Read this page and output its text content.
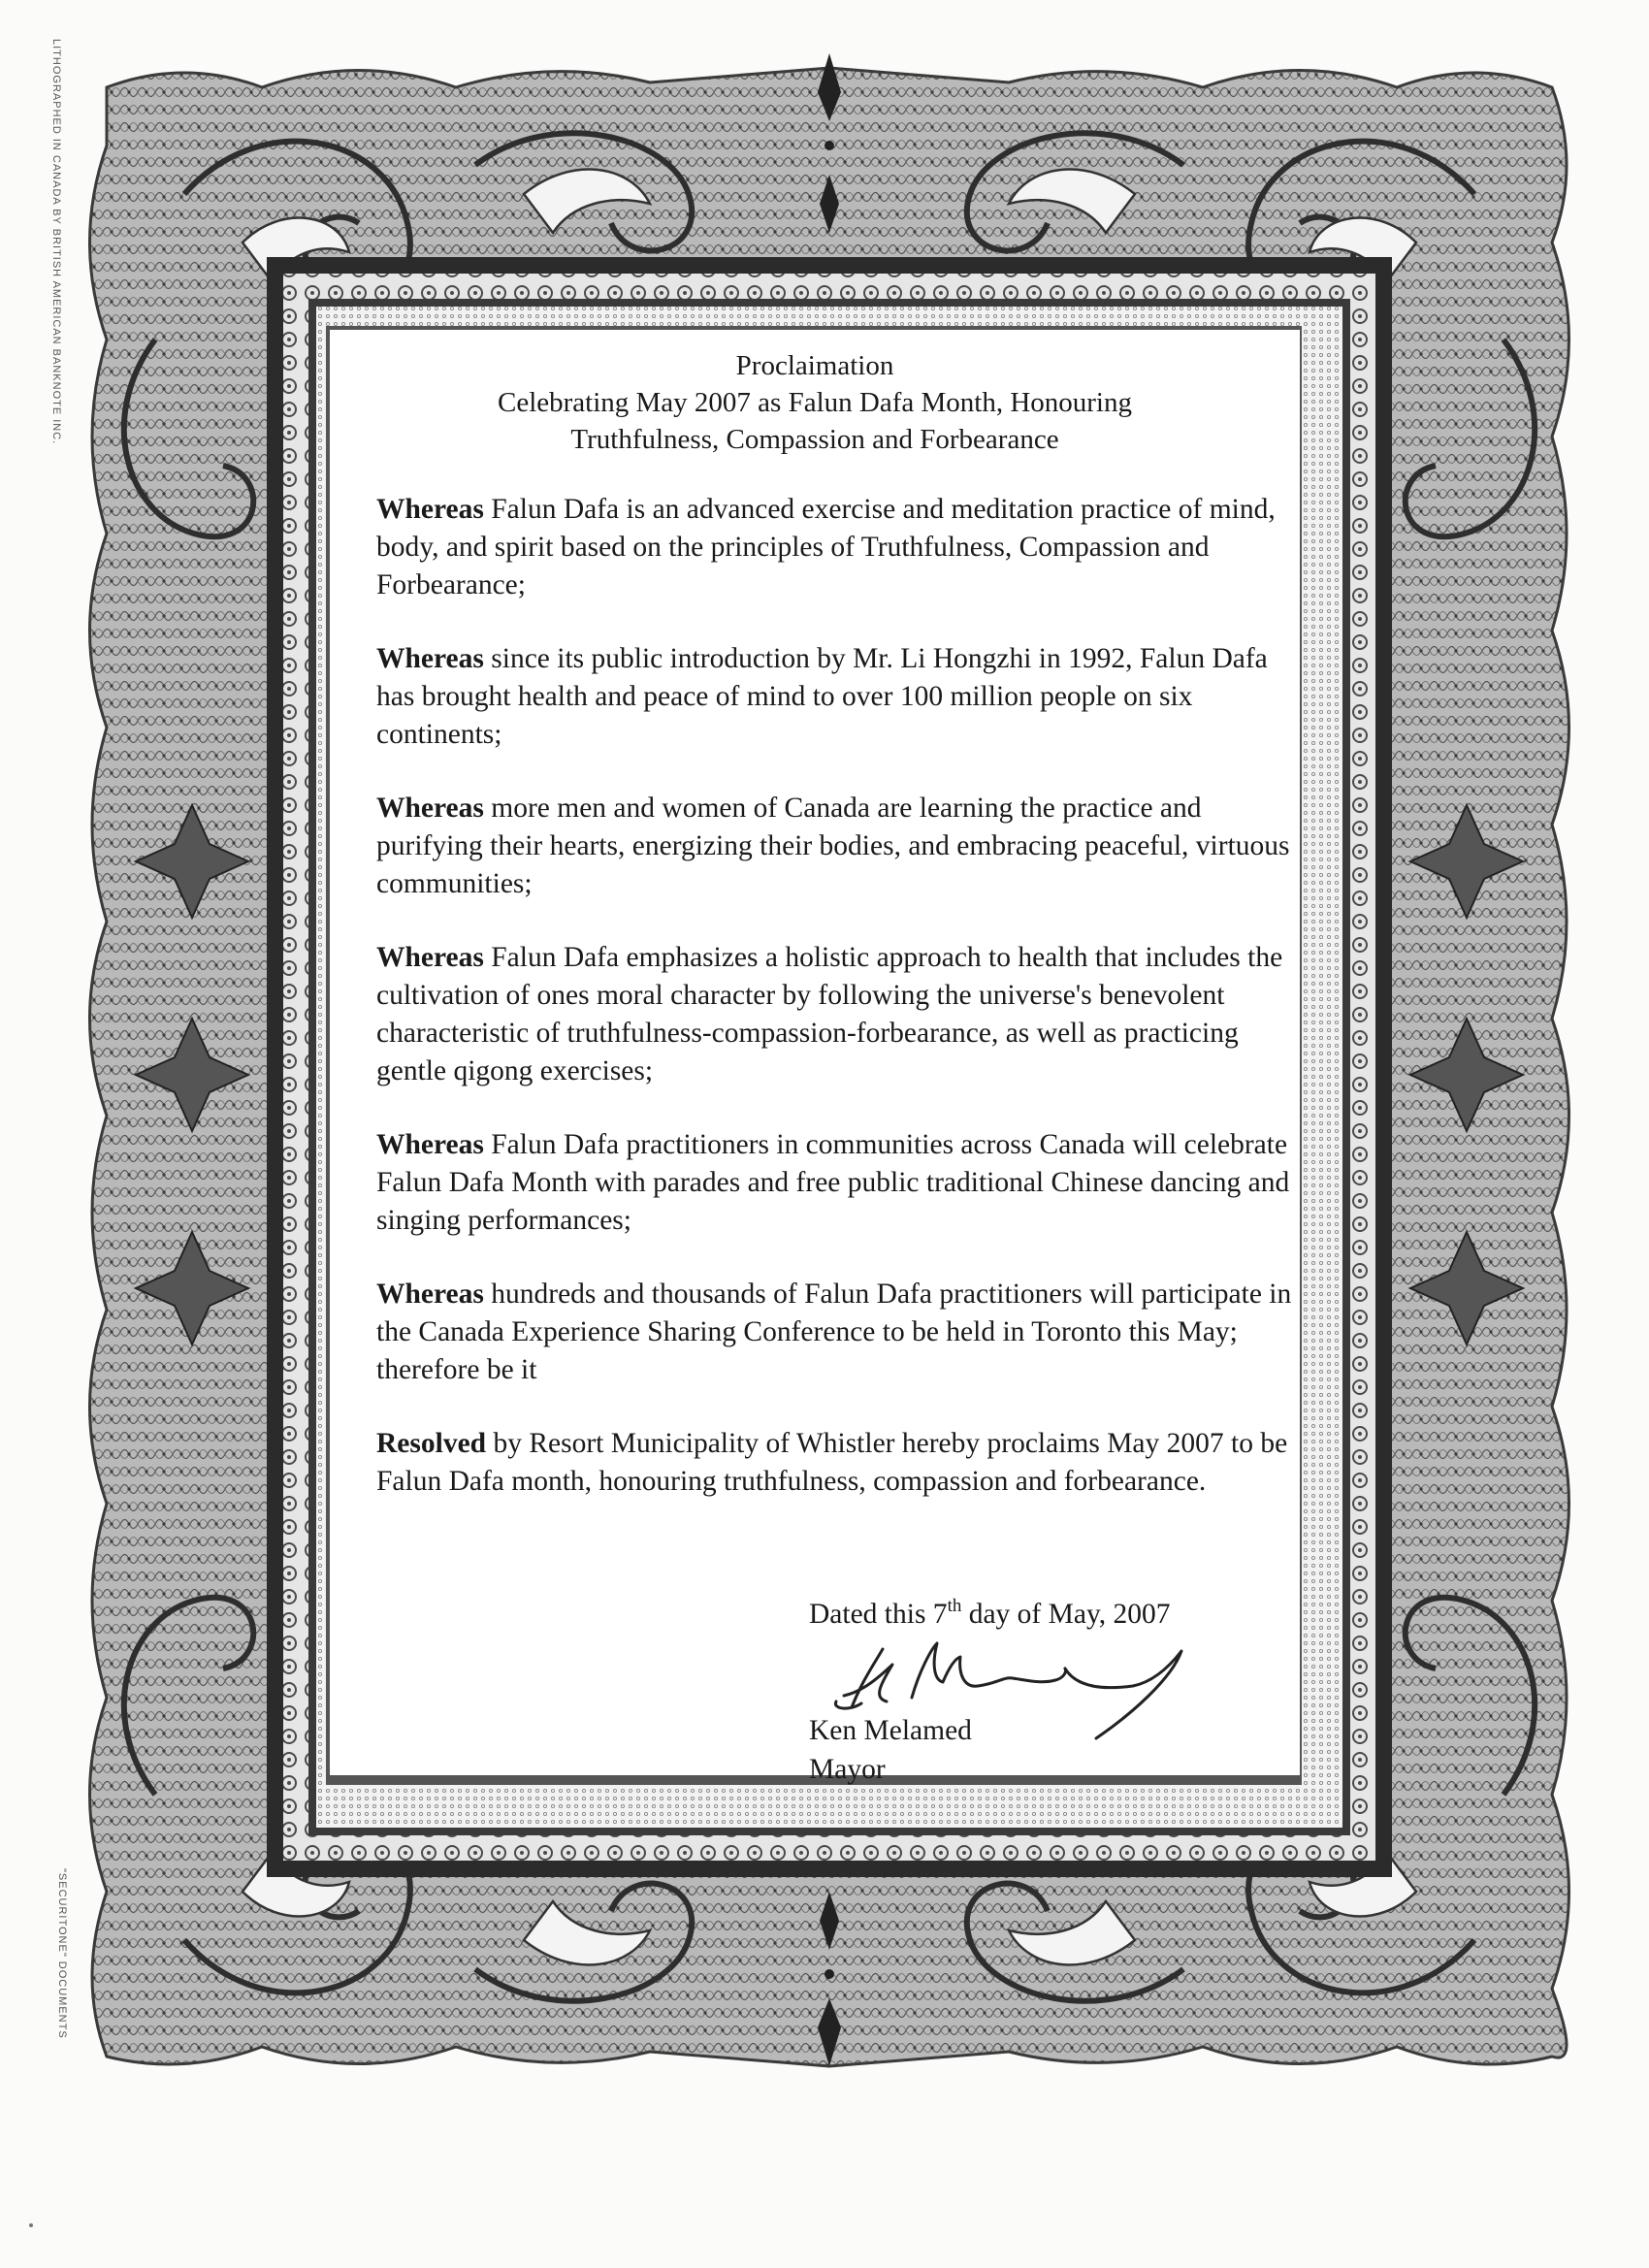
LITHOGRAPHED IN CANADA BY BRITISH AMERICAN BANKNOTE INC.
"SECURITONE" DOCUMENTS
Proclaimation
Celebrating May 2007 as Falun Dafa Month, Honouring
Truthfulness, Compassion and Forbearance

Whereas Falun Dafa is an advanced exercise and meditation practice of mind, body, and spirit based on the principles of Truthfulness, Compassion and Forbearance;

Whereas since its public introduction by Mr. Li Hongzhi in 1992, Falun Dafa has brought health and peace of mind to over 100 million people on six continents;

Whereas more men and women of Canada are learning the practice and purifying their hearts, energizing their bodies, and embracing peaceful, virtuous communities;

Whereas Falun Dafa emphasizes a holistic approach to health that includes the cultivation of ones moral character by following the universe's benevolent characteristic of truthfulness-compassion-forbearance, as well as practicing gentle qigong exercises;

Whereas Falun Dafa practitioners in communities across Canada will celebrate Falun Dafa Month with parades and free public traditional Chinese dancing and singing performances;

Whereas hundreds and thousands of Falun Dafa practitioners will participate in the Canada Experience Sharing Conference to be held in Toronto this May; therefore be it

Resolved by Resort Municipality of Whistler hereby proclaims May 2007 to be Falun Dafa month, honouring truthfulness, compassion and forbearance.

Dated this 7th day of May, 2007
Ken Melamed
Mayor
